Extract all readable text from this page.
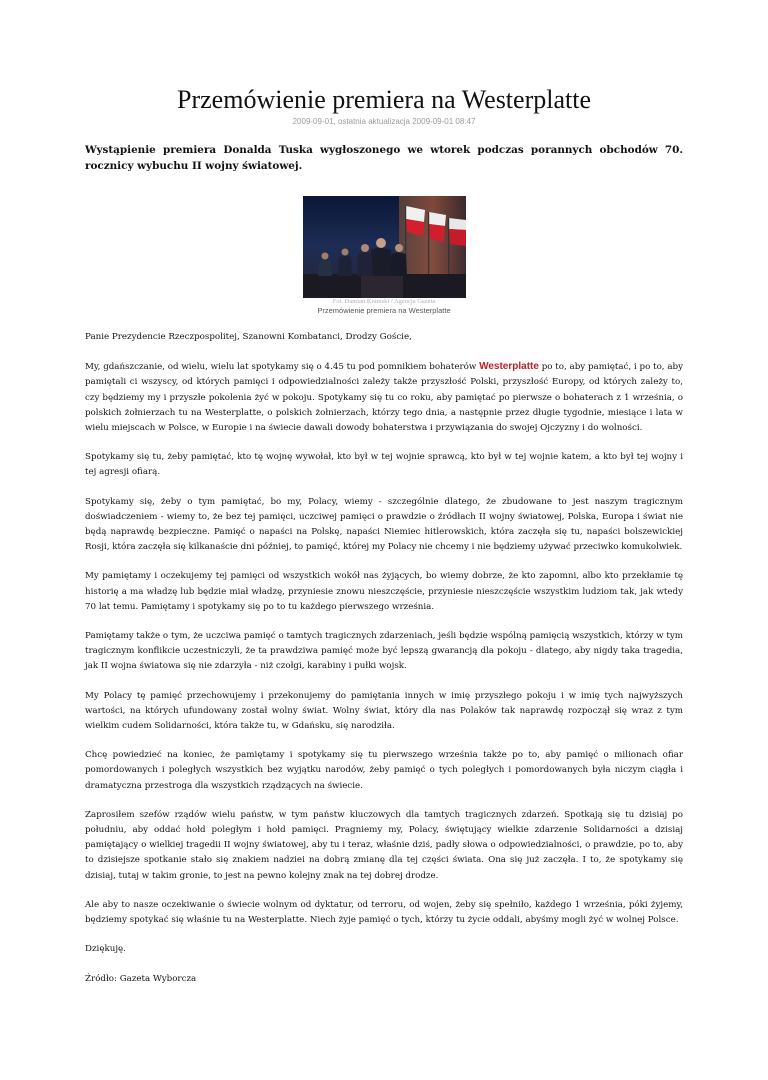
Przemówienie premiera na Westerplatte
2009-09-01, ostatnia aktualizacja 2009-09-01 08:47
Wystąpienie premiera Donalda Tuska wygłoszonego we wtorek podczas porannych obchodów 70. rocznicy wybuchu II wojny światowej.
Fot. Damian Kramski / Agencja Gazeta
Przemówienie premiera na Westerplatte

Panie Prezydencie Rzeczpospolitej, Szanowni Kombatanci, Drodzy Goście,

My, gdańszczanie, od wielu, wielu lat spotykamy się o 4.45 tu pod pomnikiem bohaterów Westerplatte po to, aby pamiętać, i po to, aby pamiętali ci wszyscy, od których pamięci i odpowiedzialności zależy także przyszłość Polski, przyszłość Europy, od których zależy to, czy będziemy my i przyszłe pokolenia żyć w pokoju. Spotykamy się tu co roku, aby pamiętać po pierwsze o bohaterach z 1 września, o polskich żołnierzach tu na Westerplatte, o polskich żołnierzach, którzy tego dnia, a następnie przez długie tygodnie, miesiące i lata w wielu miejscach w Polsce, w Europie i na świecie dawali dowody bohaterstwa i przywiązania do swojej Ojczyzny i do wolności.

Spotykamy się tu, żeby pamiętać, kto tę wojnę wywołał, kto był w tej wojnie sprawcą, kto był w tej wojnie katem, a kto był tej wojny i tej agresji ofiarą.

Spotykamy się, żeby o tym pamiętać, bo my, Polacy, wiemy - szczególnie dlatego, że zbudowane to jest naszym tragicznym doświadczeniem - wiemy to, że bez tej pamięci, uczciwej pamięci o prawdzie o źródłach II wojny światowej, Polska, Europa i świat nie będą naprawdę bezpieczne. Pamięć o napaści na Polskę, napaści Niemiec hitlerowskich, która zaczęła się tu, napaści bolszewickiej Rosji, która zaczęła się kilkanaście dni później, to pamięć, której my Polacy nie chcemy i nie będziemy używać przeciwko komukolwiek.

My pamiętamy i oczekujemy tej pamięci od wszystkich wokół nas żyjących, bo wiemy dobrze, że kto zapomni, albo kto przekłamie tę historię a ma władzę lub będzie miał władzę, przyniesie znowu nieszczęście, przyniesie nieszczęście wszystkim ludziom tak, jak wtedy 70 lat temu. Pamiętamy i spotykamy się po to tu każdego pierwszego września.

Pamiętamy także o tym, że uczciwa pamięć o tamtych tragicznych zdarzeniach, jeśli będzie wspólną pamięcią wszystkich, którzy w tym tragicznym konflikcie uczestniczyli, że ta prawdziwa pamięć może być lepszą gwarancją dla pokoju - dlatego, aby nigdy taka tragedia, jak II wojna światowa się nie zdarzyła - niż czołgi, karabiny i pułki wojsk.

My Polacy tę pamięć przechowujemy i przekonujemy do pamiętania innych w imię przyszłego pokoju i w imię tych najwyższych wartości, na których ufundowany został wolny świat. Wolny świat, który dla nas Polaków tak naprawdę rozpoczął się wraz z tym wielkim cudem Solidarności, która także tu, w Gdańsku, się narodziła.

Chcę powiedzieć na koniec, że pamiętamy i spotykamy się tu pierwszego września także po to, aby pamięć o milionach ofiar pomordowanych i poległych wszystkich bez wyjątku narodów, żeby pamięć o tych poległych i pomordowanych była niczym ciągła i dramatyczna przestroga dla wszystkich rządzących na świecie.

Zaprosiłem szefów rządów wielu państw, w tym państw kluczowych dla tamtych tragicznych zdarzeń. Spotkają się tu dzisiaj po południu, aby oddać hołd poległym i hołd pamięci. Pragniemy my, Polacy, świętujący wielkie zdarzenie Solidarności a dzisiaj pamiętający o wielkiej tragedii II wojny światowej, aby tu i teraz, właśnie dziś, padły słowa o odpowiedzialności, o prawdzie, po to, aby to dzisiejsze spotkanie stało się znakiem nadziei na dobrą zmianę dla tej części świata. Ona się już zaczęła. I to, że spotykamy się dzisiaj, tutaj w takim gronie, to jest na pewno kolejny znak na tej dobrej drodze.

Ale aby to nasze oczekiwanie o świecie wolnym od dyktatur, od terroru, od wojen, żeby się spełniło, każdego 1 września, póki żyjemy, będziemy spotykać się właśnie tu na Westerplatte. Niech żyje pamięć o tych, którzy tu życie oddali, abyśmy mogli żyć w wolnej Polsce.

Dziękuję.

Źródło: Gazeta Wyborcza
